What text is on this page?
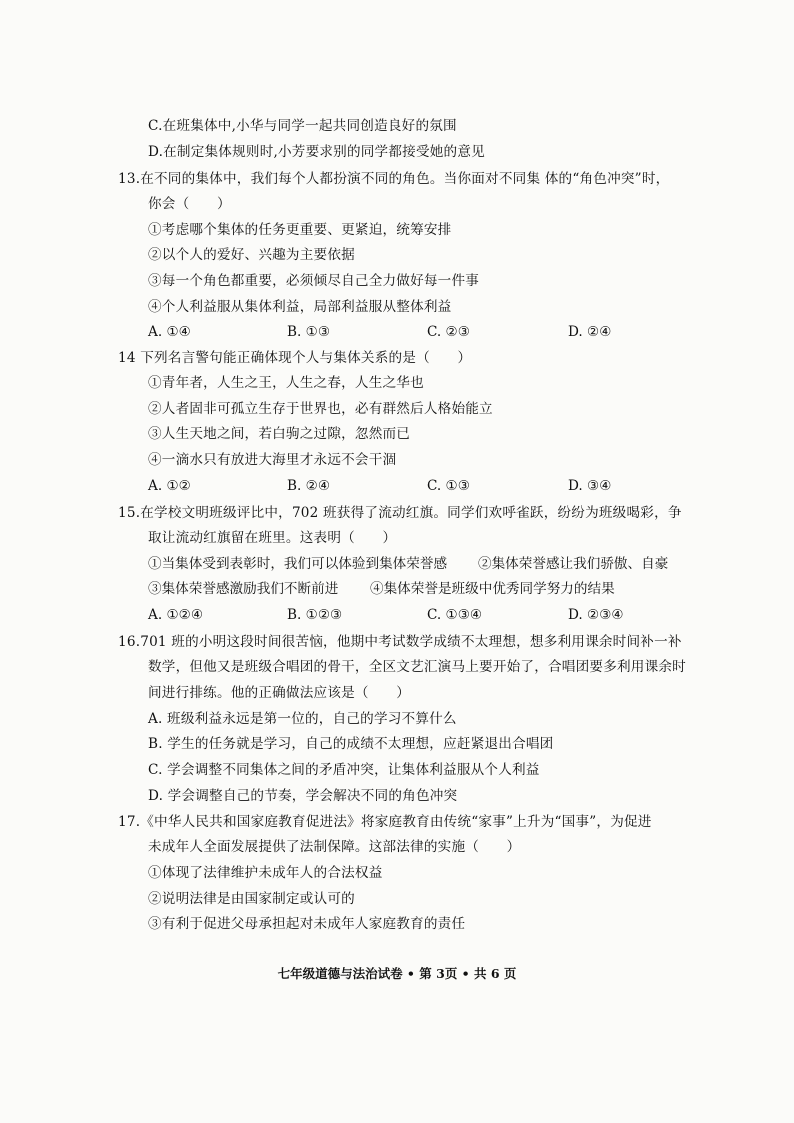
C.在班集体中,小华与同学一起共同创造良好的氛围
D.在制定集体规则时,小芳要求别的同学都接受她的意见
13.在不同的集体中，我们每个人都扮演不同的角色。当你面对不同集 体的“角色冲突”时，
你会（　　）
①考虑哪个集体的任务更重要、更紧迫，统筹安排
②以个人的爱好、兴趣为主要依据
③每一个角色都重要，必须倾尽自己全力做好每一件事
④个人利益服从集体利益，局部利益服从整体利益
A. ①④	B. ①③	C. ②③	D. ②④
14 下列名言警句能正确体现个人与集体关系的是（　　）
①青年者，人生之王，人生之春，人生之华也
②人者固非可孤立生存于世界也，必有群然后人格始能立
③人生天地之间，若白驹之过隙，忽然而已
④一滴水只有放进大海里才永远不会干涸
A. ①②	B. ②④	C. ①③	D. ③④
15.在学校文明班级评比中，702 班获得了流动红旗。同学们欢呼雀跃，纷纷为班级喝彩，争
取让流动红旗留在班里。这表明（　　）
①当集体受到表彰时，我们可以体验到集体荣誉感 ②集体荣誉感让我们骄傲、自豪
③集体荣誉感激励我们不断前进 ④集体荣誉是班级中优秀同学努力的结果
A. ①②④	B. ①②③	C. ①③④	D. ②③④
16.701 班的小明这段时间很苦恼，他期中考试数学成绩不太理想，想多利用课余时间补一补
数学，但他又是班级合唱团的骨干，全区文艺汇演马上要开始了，合唱团要多利用课余时
间进行排练。他的正确做法应该是（　　）
A. 班级利益永远是第一位的，自己的学习不算什么
B. 学生的任务就是学习，自己的成绩不太理想，应赶紧退出合唱团
C. 学会调整不同集体之间的矛盾冲突，让集体利益服从个人利益
D. 学会调整自己的节奏，学会解决不同的角色冲突
17.《中华人民共和国家庭教育促进法》将家庭教育由传统“家事”上升为“国事”，为促进
未成年人全面发展提供了法制保障。这部法律的实施（　　）
①体现了法律维护未成年人的合法权益
②说明法律是由国家制定或认可的
③有利于促进父母承担起对未成年人家庭教育的责任
七年级道德与法治试卷 • 第 3页 • 共 6 页
